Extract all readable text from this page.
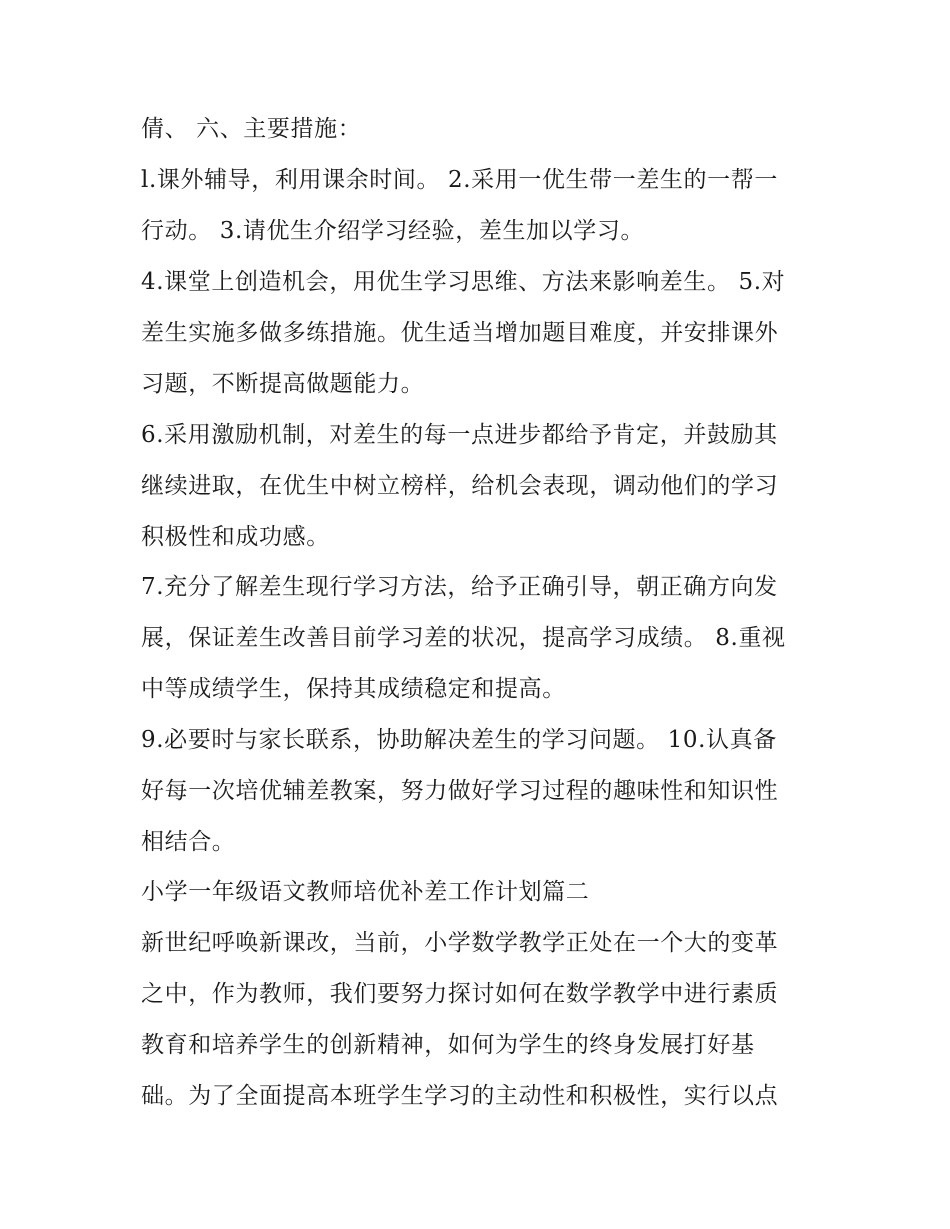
倩、 六、主要措施：
l.课外辅导，利用课余时间。 2.采用一优生带一差生的一帮一
行动。 3.请优生介绍学习经验，差生加以学习。
4.课堂上创造机会，用优生学习思维、方法来影响差生。 5.对
差生实施多做多练措施。优生适当增加题目难度，并安排课外
习题，不断提高做题能力。
6.采用激励机制，对差生的每一点进步都给予肯定，并鼓励其
继续进取，在优生中树立榜样，给机会表现，调动他们的学习
积极性和成功感。
7.充分了解差生现行学习方法，给予正确引导，朝正确方向发
展，保证差生改善目前学习差的状况，提高学习成绩。 8.重视
中等成绩学生，保持其成绩稳定和提高。
9.必要时与家长联系，协助解决差生的学习问题。 10.认真备
好每一次培优辅差教案，努力做好学习过程的趣味性和知识性
相结合。
小学一年级语文教师培优补差工作计划篇二
新世纪呼唤新课改，当前，小学数学教学正处在一个大的变革
之中，作为教师，我们要努力探讨如何在数学教学中进行素质
教育和培养学生的创新精神，如何为学生的终身发展打好基
础。为了全面提高本班学生学习的主动性和积极性，实行以点
